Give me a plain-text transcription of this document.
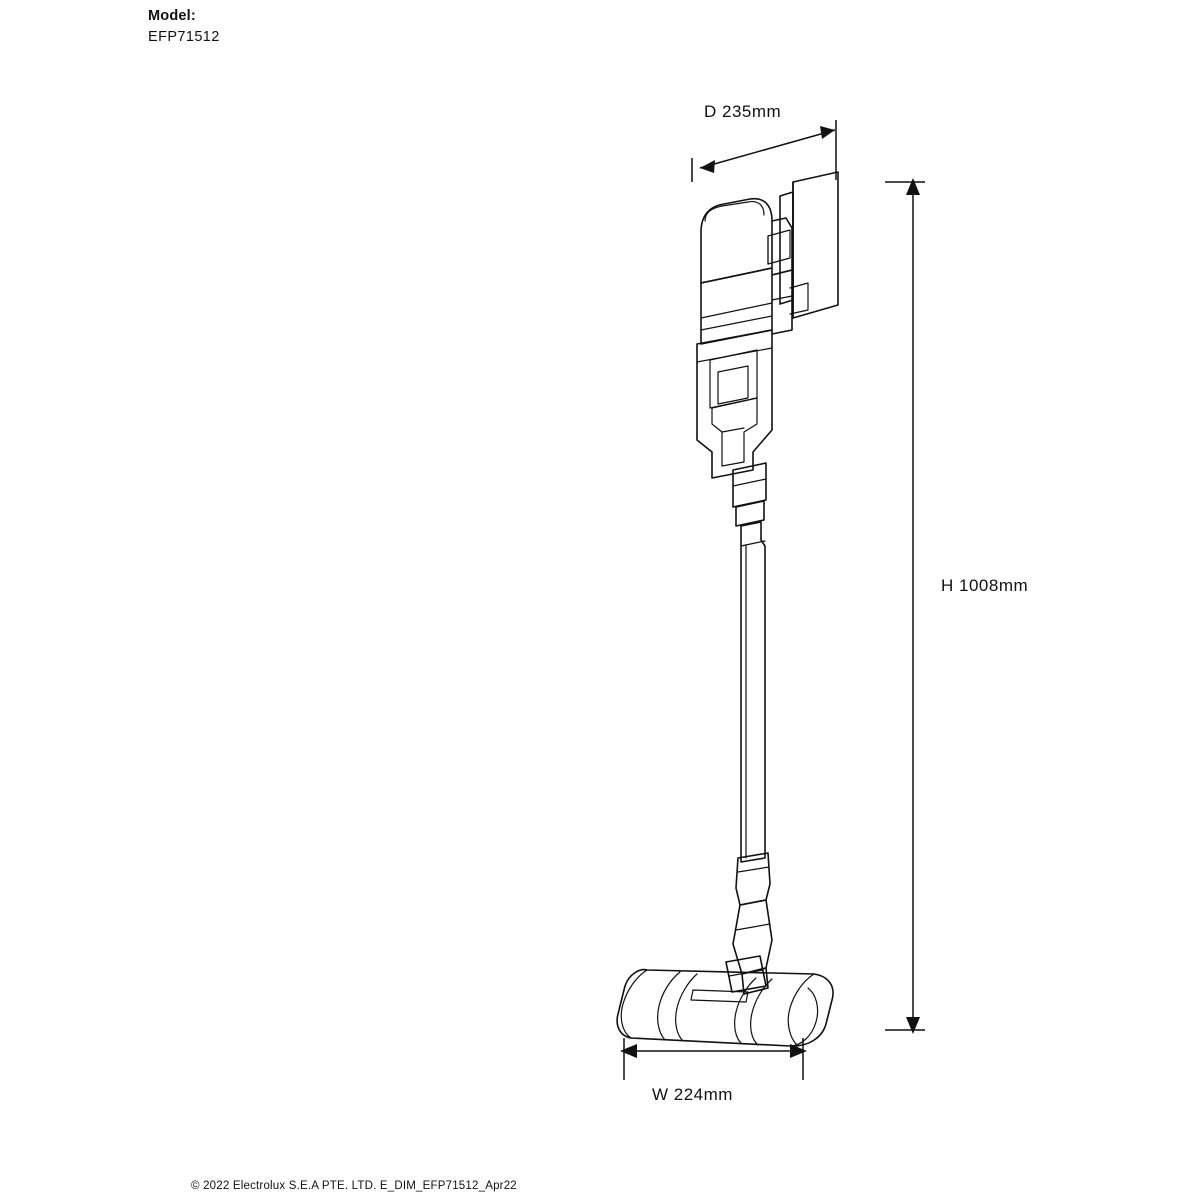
Model:
EFP71512
D 235mm
H 1008mm
W 224mm
© 2022 Electrolux S.E.A PTE. LTD. E_DIM_EFP71512_Apr22
